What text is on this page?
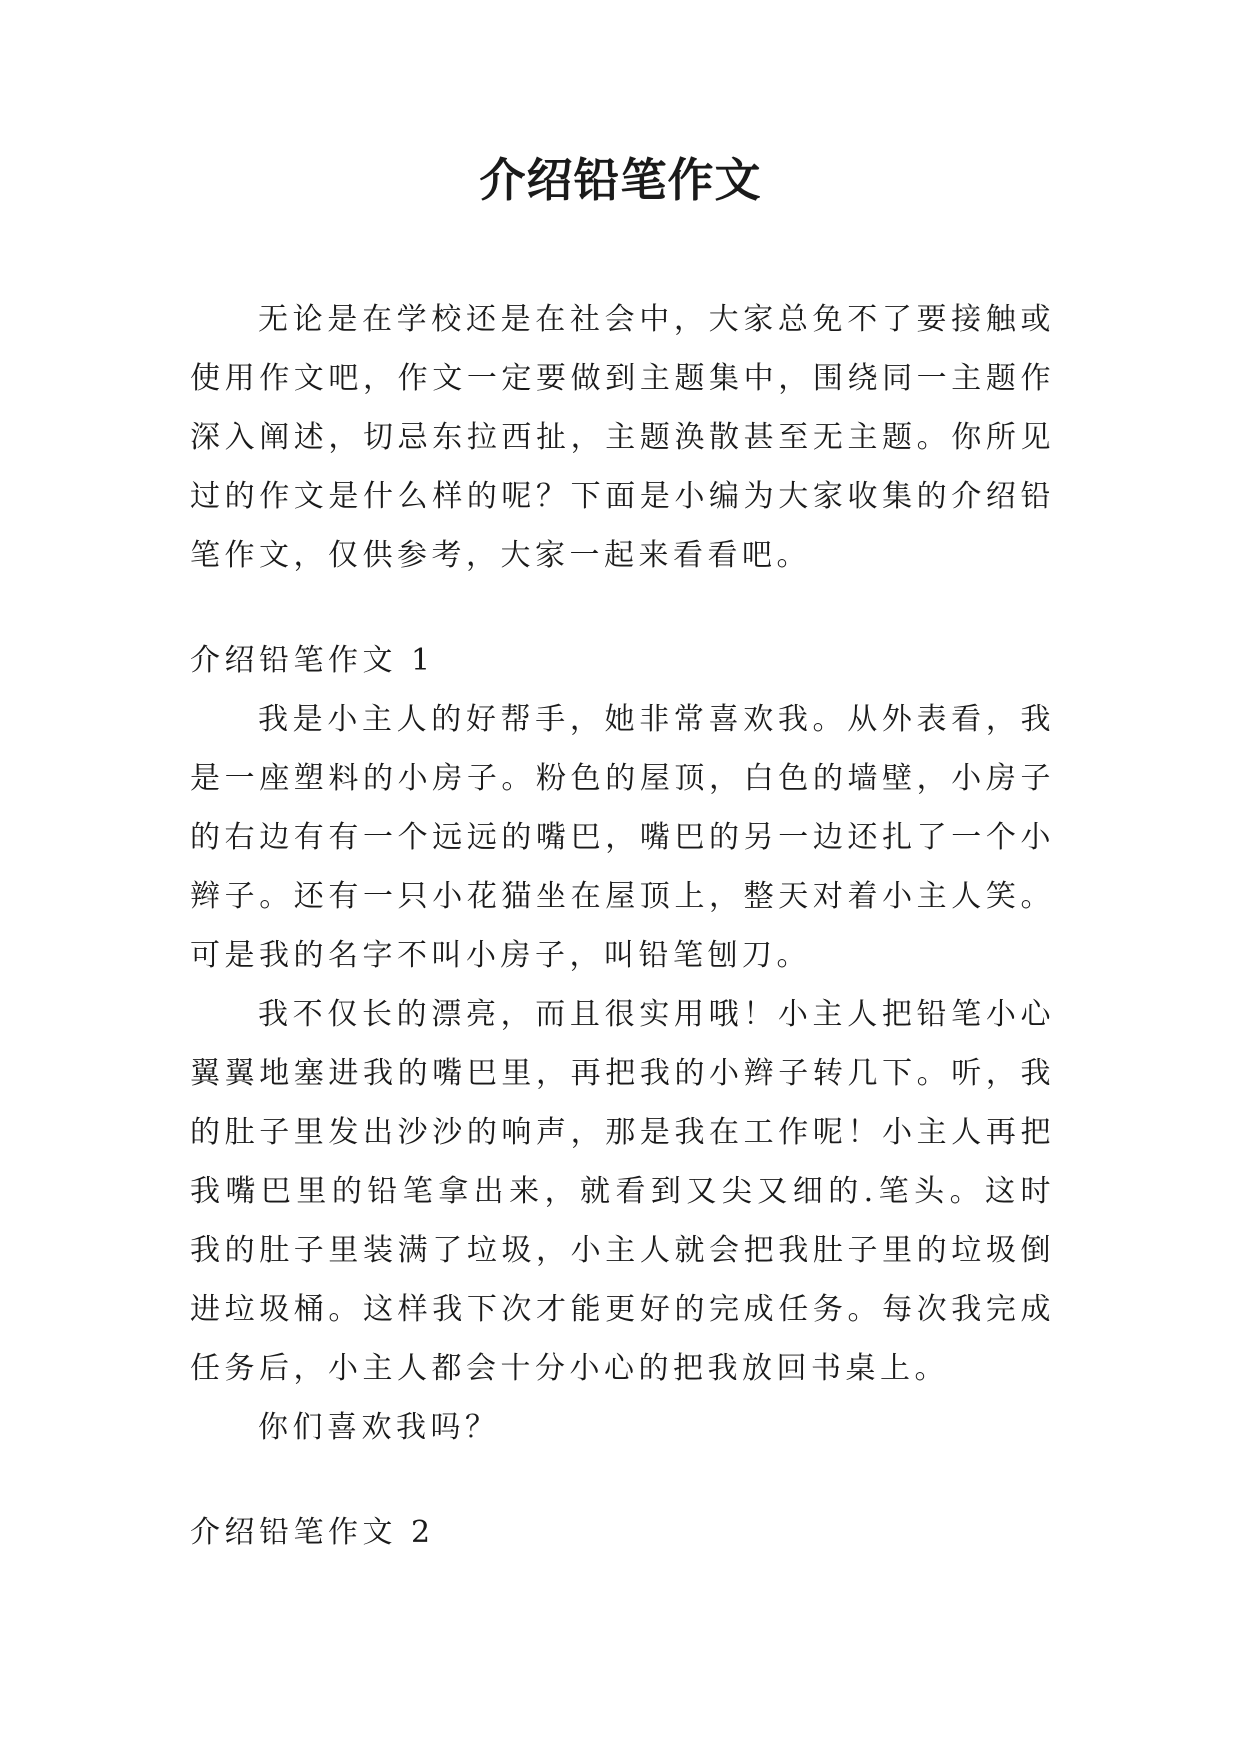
介绍铅笔作文

无论是在学校还是在社会中，大家总免不了要接触或使用作文吧，作文一定要做到主题集中，围绕同一主题作深入阐述，切忌东拉西扯，主题涣散甚至无主题。你所见过的作文是什么样的呢？下面是小编为大家收集的介绍铅笔作文，仅供参考，大家一起来看看吧。

介绍铅笔作文 1

我是小主人的好帮手，她非常喜欢我。从外表看，我是一座塑料的小房子。粉色的屋顶，白色的墙壁，小房子的右边有有一个远远的嘴巴，嘴巴的另一边还扎了一个小辫子。还有一只小花猫坐在屋顶上，整天对着小主人笑。可是我的名字不叫小房子，叫铅笔刨刀。

我不仅长的漂亮，而且很实用哦！小主人把铅笔小心翼翼地塞进我的嘴巴里，再把我的小辫子转几下。听，我的肚子里发出沙沙的响声，那是我在工作呢！小主人再把我嘴巴里的铅笔拿出来，就看到又尖又细的.笔头。这时我的肚子里装满了垃圾，小主人就会把我肚子里的垃圾倒进垃圾桶。这样我下次才能更好的完成任务。每次我完成任务后，小主人都会十分小心的把我放回书桌上。

你们喜欢我吗？

介绍铅笔作文 2
